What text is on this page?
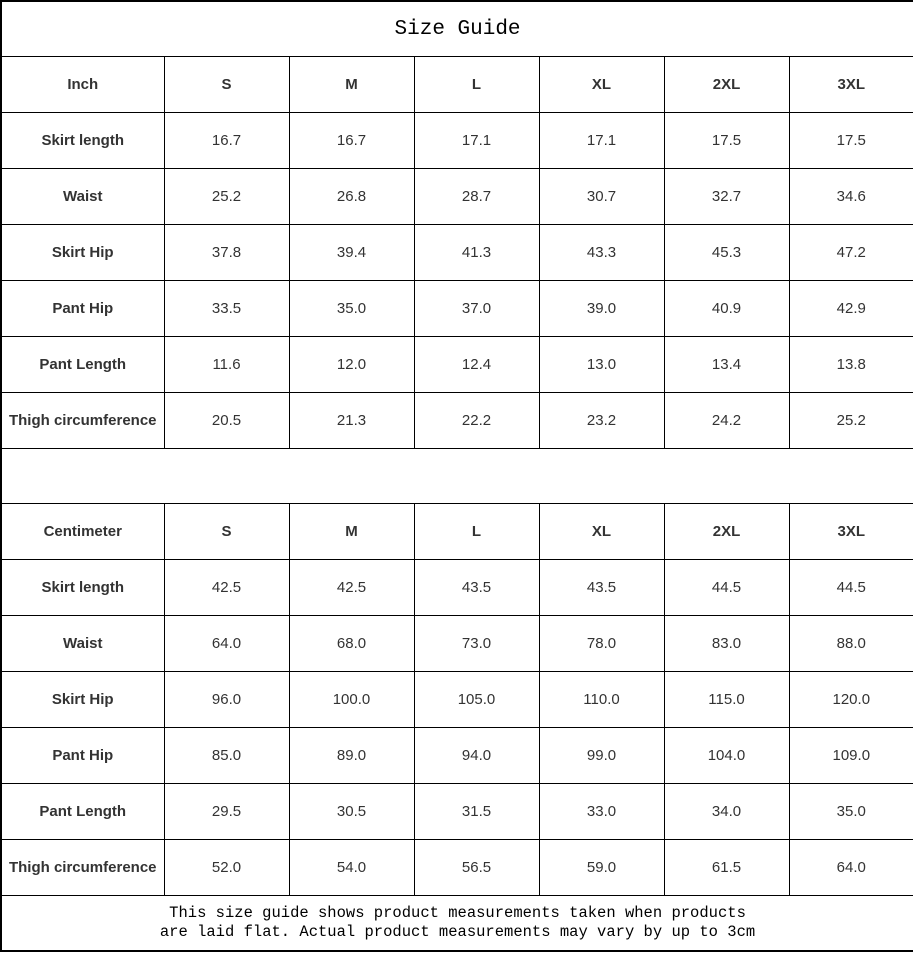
Size Guide						
Inch	S	M	L	XL	2XL	3XL
Skirt length	16.7	16.7	17.1	17.1	17.5	17.5
Waist	25.2	26.8	28.7	30.7	32.7	34.6
Skirt Hip	37.8	39.4	41.3	43.3	45.3	47.2
Pant Hip	33.5	35.0	37.0	39.0	40.9	42.9
Pant Length	11.6	12.0	12.4	13.0	13.4	13.8
Thigh circumference	20.5	21.3	22.2	23.2	24.2	25.2

Centimeter	S	M	L	XL	2XL	3XL
Skirt length	42.5	42.5	43.5	43.5	44.5	44.5
Waist	64.0	68.0	73.0	78.0	83.0	88.0
Skirt Hip	96.0	100.0	105.0	110.0	115.0	120.0
Pant Hip	85.0	89.0	94.0	99.0	104.0	109.0
Pant Length	29.5	30.5	31.5	33.0	34.0	35.0
Thigh circumference	52.0	54.0	56.5	59.0	61.5	64.0

This size guide shows product measurements taken when products
are laid flat. Actual product measurements may vary by up to 3cm						
